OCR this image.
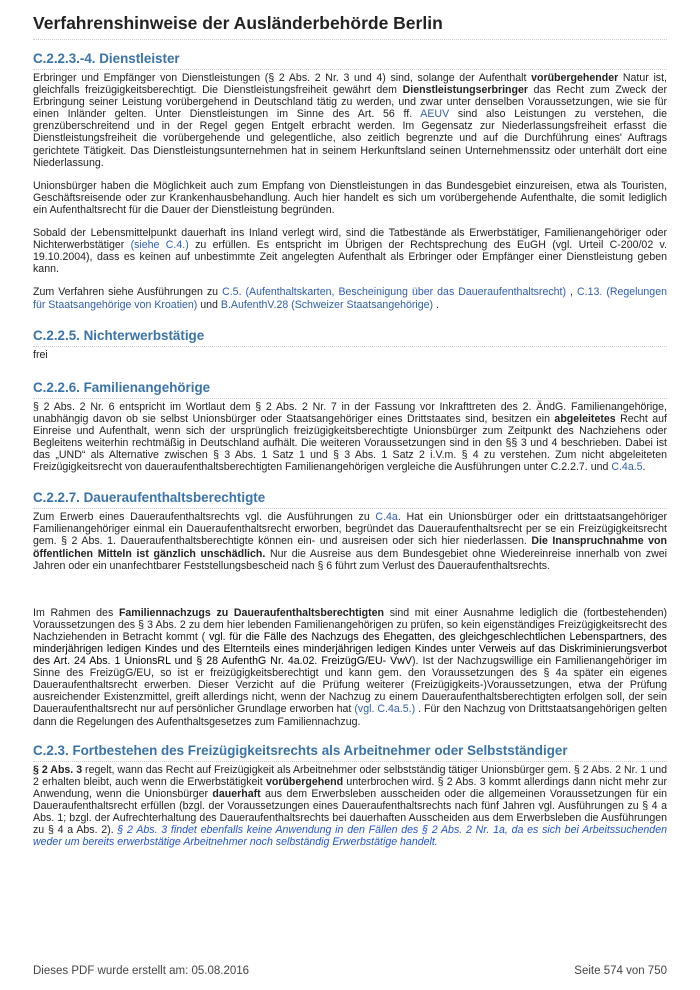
Verfahrenshinweise der Ausländerbehörde Berlin
C.2.2.3.-4. Dienstleister

Erbringer und Empfänger von Dienstleistungen (§ 2 Abs. 2 Nr. 3 und 4) sind, solange der Aufenthalt vorübergehender Natur ist, gleichfalls freizügigkeitsberechtigt. Die Dienstleistungsfreiheit gewährt dem Dienstleistungserbringer das Recht zum Zweck der Erbringung seiner Leistung vorübergehend in Deutschland tätig zu werden, und zwar unter denselben Voraussetzungen, wie sie für einen Inländer gelten. Unter Dienstleistungen im Sinne des Art. 56 ff. AEUV sind also Leistungen zu verstehen, die grenzüberschreitend und in der Regel gegen Entgelt erbracht werden. Im Gegensatz zur Niederlassungsfreiheit erfasst die Dienstleistungsfreiheit die vorübergehende und gelegentliche, also zeitlich begrenzte und auf die Durchführung eines' Auftrags gerichtete Tätigkeit. Das Dienstleistungsunternehmen hat in seinem Herkunftsland seinen Unternehmenssitz oder unterhält dort eine Niederlassung.

Unionsbürger haben die Möglichkeit auch zum Empfang von Dienstleistungen in das Bundesgebiet einzureisen, etwa als Touristen, Geschäftsreisende oder zur Krankenhausbehandlung. Auch hier handelt es sich um vorübergehende Aufenthalte, die somit lediglich ein Aufenthaltsrecht für die Dauer der Dienstleistung begründen.

Sobald der Lebensmittelpunkt dauerhaft ins Inland verlegt wird, sind die Tatbestände als Erwerbstätiger, Familienangehöriger oder Nichterwerbstätiger (siehe C.4.) zu erfüllen. Es entspricht im Übrigen der Rechtsprechung des EuGH (vgl. Urteil C-200/02 v. 19.10.2004), dass es keinen auf unbestimmte Zeit angelegten Aufenthalt als Erbringer oder Empfänger einer Dienstleistung geben kann.

Zum Verfahren siehe Ausführungen zu C.5. (Aufenthaltskarten, Bescheinigung über das Daueraufenthaltsrecht) , C.13. (Regelungen für Staatsangehörige von Kroatien) und B.AufenthV.28 (Schweizer Staatsangehörige) .

C.2.2.5. Nichterwerbstätige

frei

C.2.2.6. Familienangehörige

§ 2 Abs. 2 Nr. 6 entspricht im Wortlaut dem § 2 Abs. 2 Nr. 7 in der Fassung vor Inkrafttreten des 2. ÄndG. Familienangehörige, unabhängig davon ob sie selbst Unionsbürger oder Staatsangehöriger eines Drittstaates sind, besitzen ein abgeleitetes Recht auf Einreise und Aufenthalt, wenn sich der ursprünglich freizügigkeitsberechtigte Unionsbürger zum Zeitpunkt des Nachziehens oder Begleitens weiterhin rechtmäßig in Deutschland aufhält. Die weiteren Voraussetzungen sind in den §§ 3 und 4 beschrieben. Dabei ist das „UND“ als Alternative zwischen § 3 Abs. 1 Satz 1 und § 3 Abs. 1 Satz 2 i.V.m. § 4 zu verstehen. Zum nicht abgeleiteten Freizügigkeitsrecht von daueraufenthaltsberechtigten Familienangehörigen vergleiche die Ausführungen unter C.2.2.7. und C.4a.5.

C.2.2.7. Daueraufenthaltsberechtigte

Zum Erwerb eines Daueraufenthaltsrechts vgl. die Ausführungen zu C.4a. Hat ein Unionsbürger oder ein drittstaatsangehöriger Familienangehöriger einmal ein Daueraufenthaltsrecht erworben, begründet das Daueraufenthaltsrecht per se ein Freizügigkeitsrecht gem. § 2 Abs. 1. Daueraufenthaltsberechtigte können ein- und ausreisen oder sich hier niederlassen. Die Inanspruchnahme von öffentlichen Mitteln ist gänzlich unschädlich. Nur die Ausreise aus dem Bundesgebiet ohne Wiedereinreise innerhalb von zwei Jahren oder ein unanfechtbarer Feststellungsbescheid nach § 6 führt zum Verlust des Daueraufenthaltsrechts.

Im Rahmen des Familiennachzugs zu Daueraufenthaltsberechtigten sind mit einer Ausnahme lediglich die (fortbestehenden) Voraussetzungen des § 3 Abs. 2 zu dem hier lebenden Familienangehörigen zu prüfen, so kein eigenständiges Freizügigkeitsrecht des Nachziehenden in Betracht kommt ( vgl. für die Fälle des Nachzugs des Ehegatten, des gleichgeschlechtlichen Lebenspartners, des minderjährigen ledigen Kindes und des Elternteils eines minderjährigen ledigen Kindes unter Verweis auf das Diskriminierungsverbot des Art. 24 Abs. 1 UnionsRL und § 28 AufenthG Nr. 4a.02. FreizügG/EU- VwV). Ist der Nachzugswillige ein Familienangehöriger im Sinne des FreizügG/EU, so ist er freizügigkeitsberechtigt und kann gem. den Voraussetzungen des § 4a später ein eigenes Daueraufenthaltsrecht erwerben. Dieser Verzicht auf die Prüfung weiterer (Freizügigkeits-)Voraussetzungen, etwa der Prüfung ausreichender Existenzmittel, greift allerdings nicht, wenn der Nachzug zu einem Daueraufenthaltsberechtigten erfolgen soll, der sein Daueraufenthaltsrecht nur auf persönlicher Grundlage erworben hat (vgl. C.4a.5.) . Für den Nachzug von Drittstaatsangehörigen gelten dann die Regelungen des Aufenthaltsgesetzes zum Familiennachzug.

C.2.3. Fortbestehen des Freizügigkeitsrechts als Arbeitnehmer oder Selbstständiger

§ 2 Abs. 3 regelt, wann das Recht auf Freizügigkeit als Arbeitnehmer oder selbstständig tätiger Unionsbürger gem. § 2 Abs. 2 Nr. 1 und 2 erhalten bleibt, auch wenn die Erwerbstätigkeit vorübergehend unterbrochen wird. § 2 Abs. 3 kommt allerdings dann nicht mehr zur Anwendung, wenn die Unionsbürger dauerhaft aus dem Erwerbsleben ausscheiden oder die allgemeinen Voraussetzungen für ein Daueraufenthaltsrecht erfüllen (bzgl. der Voraussetzungen eines Daueraufenthaltsrechts nach fünf Jahren vgl. Ausführungen zu § 4 a Abs. 1; bzgl. der Aufrechterhaltung des Daueraufenthaltsrechts bei dauerhaften Ausscheiden aus dem Erwerbsleben die Ausführungen zu § 4 a Abs. 2). § 2 Abs. 3 findet ebenfalls keine Anwendung in den Fällen des § 2 Abs. 2 Nr. 1a, da es sich bei Arbeitssuchenden weder um bereits erwerbstätige Arbeitnehmer noch selbständig Erwerbstätige handelt.

Dieses PDF wurde erstellt am: 05.08.2016	Seite 574 von 750
